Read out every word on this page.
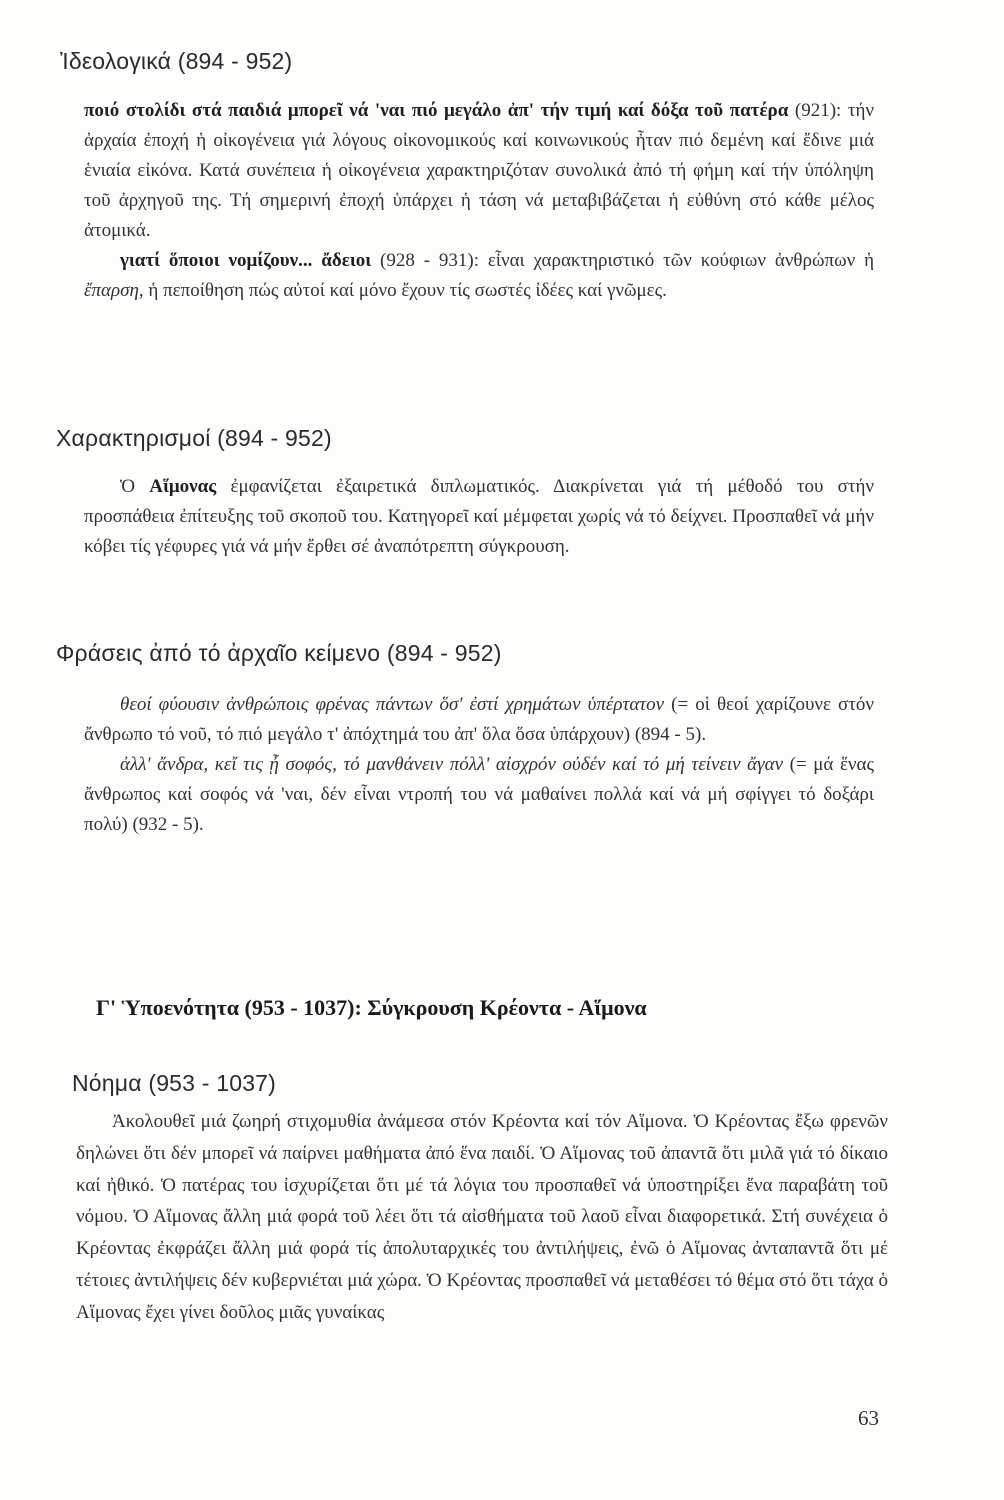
Ἰδεολογικά (894 - 952)

ποιό στολίδι στά παιδιά μπορεῖ νά 'ναι πιό μεγάλο ἀπ' τήν τιμή καί δόξα τοῦ πατέρα (921): τήν ἀρχαία ἐποχή ἡ οἰκογένεια γιά λόγους οἰκονομικούς καί κοινωνικούς ἦταν πιό δεμένη καί ἔδινε μιά ἑνιαία εἰκόνα. Κατά συνέπεια ἡ οἰκογένεια χαρακτηριζόταν συνολικά ἀπό τή φήμη καί τήν ὑπόληψη τοῦ ἀρχηγοῦ της. Τή σημερινή ἐποχή ὑπάρχει ἡ τάση νά μεταβιβάζεται ἡ εὐθύνη στό κάθε μέλος ἀτομικά.

γιατί ὅποιοι νομίζουν... ἄδειοι (928 - 931): εἶναι χαρακτηριστικό τῶν κούφιων ἀνθρώπων ἡ ἔπαρση, ἡ πεποίθηση πώς αὐτοί καί μόνο ἔχουν τίς σωστές ἰδέες καί γνῶμες.

Χαρακτηρισμοί (894 - 952)

Ὁ Αἵμονας ἐμφανίζεται ἐξαιρετικά διπλωματικός. Διακρίνεται γιά τή μέθοδό του στήν προσπάθεια ἐπίτευξης τοῦ σκοποῦ του. Κατηγορεῖ καί μέμφεται χωρίς νά τό δείχνει. Προσπαθεῖ νά μήν κόβει τίς γέφυρες γιά νά μήν ἔρθει σέ ἀναπότρεπτη σύγκρουση.

Φράσεις ἀπό τό ἀρχαῖο κείμενο (894 - 952)

θεοί φύουσιν ἀνθρώποις φρένας πάντων ὅσ' ἐστί χρημάτων ὑπέρτατον (= οἱ θεοί χαρίζουνε στόν ἄνθρωπο τό νοῦ, τό πιό μεγάλο τ' ἀπόχτημά του ἀπ' ὅλα ὅσα ὑπάρχουν) (894 - 5).

ἀλλ' ἄνδρα, κεἴ τις ᾖ σοφός, τό μανθάνειν πόλλ' αἰσχρόν οὐδέν καί τό μή τείνειν ἄγαν (= μά ἕνας ἄνθρωπος καί σοφός νά 'ναι, δέν εἶναι ντροπή του νά μαθαίνει πολλά καί νά μή σφίγγει τό δοξάρι πολύ) (932 - 5).

Γ' Ὑποενότητα (953 - 1037): Σύγκρουση Κρέοντα - Αἵμονα
Νόημα (953 - 1037)

Ἀκολουθεῖ μιά ζωηρή στιχομυθία ἀνάμεσα στόν Κρέοντα καί τόν Αἵμονα. Ὁ Κρέοντας ἔξω φρενῶν δηλώνει ὅτι δέν μπορεῖ νά παίρνει μαθήματα ἀπό ἕνα παιδί. Ὁ Αἵμονας τοῦ ἀπαντᾶ ὅτι μιλᾶ γιά τό δίκαιο καί ἠθικό. Ὁ πατέρας του ἰσχυρίζεται ὅτι μέ τά λόγια του προσπαθεῖ νά ὑποστηρίξει ἕνα παραβάτη τοῦ νόμου. Ὁ Αἵμονας ἄλλη μιά φορά τοῦ λέει ὅτι τά αἰσθήματα τοῦ λαοῦ εἶναι διαφορετικά. Στή συνέχεια ὁ Κρέοντας ἐκφράζει ἄλλη μιά φορά τίς ἀπολυταρχικές του ἀντιλήψεις, ἐνῶ ὁ Αἵμονας ἀνταπαντᾶ ὅτι μέ τέτοιες ἀντιλήψεις δέν κυβερνιέται μιά χώρα. Ὁ Κρέοντας προσπαθεῖ νά μεταθέσει τό θέμα στό ὅτι τάχα ὁ Αἵμονας ἔχει γίνει δοῦλος μιᾶς γυναίκας

63
